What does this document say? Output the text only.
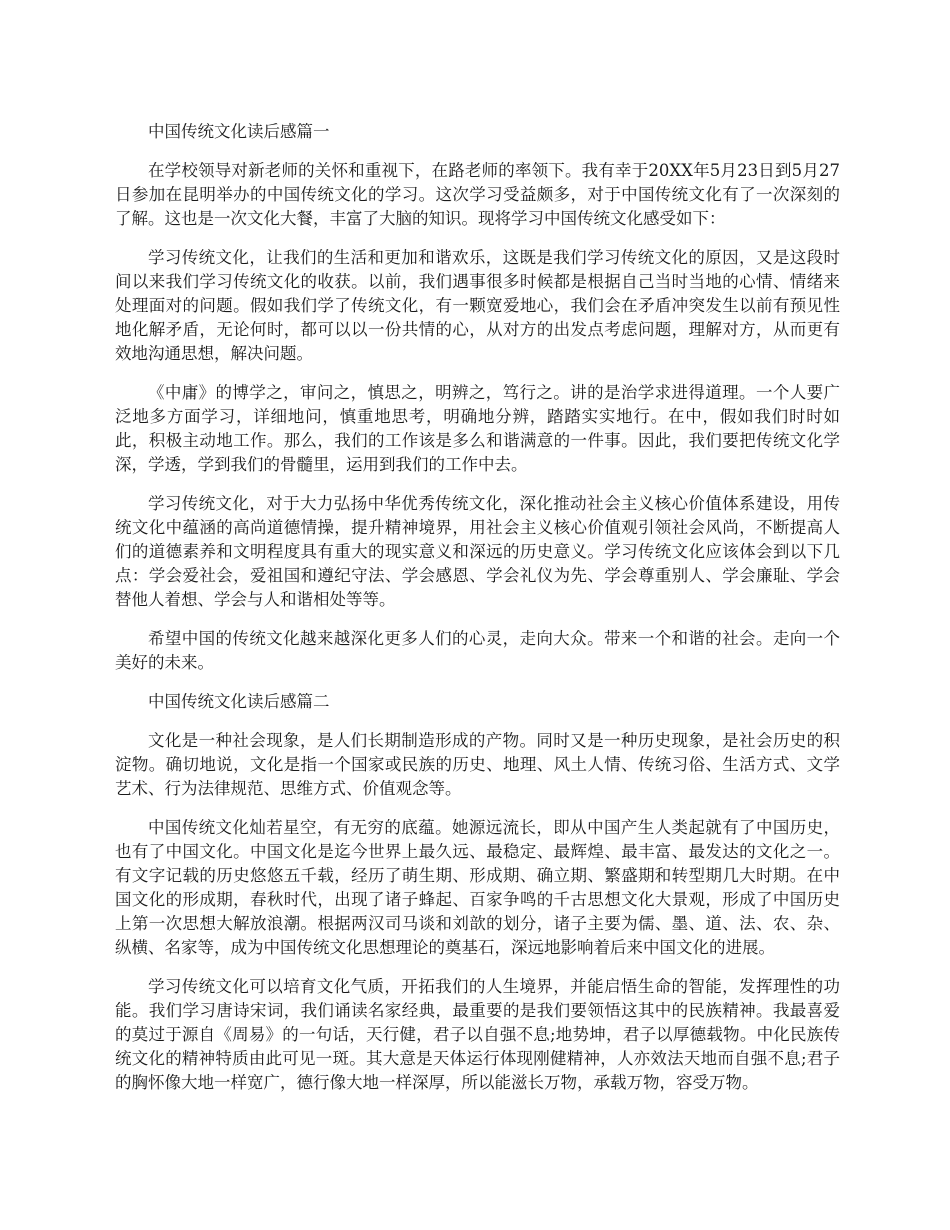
中国传统文化读后感篇一

在学校领导对新老师的关怀和重视下，在路老师的率领下。我有幸于20XX年5月23日到5月27日参加在昆明举办的中国传统文化的学习。这次学习受益颇多，对于中国传统文化有了一次深刻的了解。这也是一次文化大餐，丰富了大脑的知识。现将学习中国传统文化感受如下：

学习传统文化，让我们的生活和更加和谐欢乐，这既是我们学习传统文化的原因，又是这段时间以来我们学习传统文化的收获。以前，我们遇事很多时候都是根据自己当时当地的心情、情绪来处理面对的问题。假如我们学了传统文化，有一颗宽爱地心，我们会在矛盾冲突发生以前有预见性地化解矛盾，无论何时，都可以以一份共情的心，从对方的出发点考虑问题，理解对方，从而更有效地沟通思想，解决问题。

《中庸》的博学之，审问之，慎思之，明辨之，笃行之。讲的是治学求进得道理。一个人要广泛地多方面学习，详细地问，慎重地思考，明确地分辨，踏踏实实地行。在中，假如我们时时如此，积极主动地工作。那么，我们的工作该是多么和谐满意的一件事。因此，我们要把传统文化学深，学透，学到我们的骨髓里，运用到我们的工作中去。

学习传统文化，对于大力弘扬中华优秀传统文化，深化推动社会主义核心价值体系建设，用传统文化中蕴涵的高尚道德情操，提升精神境界，用社会主义核心价值观引领社会风尚，不断提高人们的道德素养和文明程度具有重大的现实意义和深远的历史意义。学习传统文化应该体会到以下几点：学会爱社会，爱祖国和遵纪守法、学会感恩、学会礼仪为先、学会尊重别人、学会廉耻、学会替他人着想、学会与人和谐相处等等。

希望中国的传统文化越来越深化更多人们的心灵，走向大众。带来一个和谐的社会。走向一个美好的未来。

中国传统文化读后感篇二

文化是一种社会现象，是人们长期制造形成的产物。同时又是一种历史现象，是社会历史的积淀物。确切地说，文化是指一个国家或民族的历史、地理、风土人情、传统习俗、生活方式、文学艺术、行为法律规范、思维方式、价值观念等。

中国传统文化灿若星空，有无穷的底蕴。她源远流长，即从中国产生人类起就有了中国历史，也有了中国文化。中国文化是迄今世界上最久远、最稳定、最辉煌、最丰富、最发达的文化之一。有文字记载的历史悠悠五千载，经历了萌生期、形成期、确立期、繁盛期和转型期几大时期。在中国文化的形成期，春秋时代，出现了诸子蜂起、百家争鸣的千古思想文化大景观，形成了中国历史上第一次思想大解放浪潮。根据两汉司马谈和刘歆的划分，诸子主要为儒、墨、道、法、农、杂、纵横、名家等，成为中国传统文化思想理论的奠基石，深远地影响着后来中国文化的进展。

学习传统文化可以培育文化气质，开拓我们的人生境界，并能启悟生命的智能，发挥理性的功能。我们学习唐诗宋词，我们诵读名家经典，最重要的是我们要领悟这其中的民族精神。我最喜爱的莫过于源自《周易》的一句话，天行健，君子以自强不息;地势坤，君子以厚德载物。中化民族传统文化的精神特质由此可见一斑。其大意是天体运行体现刚健精神，人亦效法天地而自强不息;君子的胸怀像大地一样宽广，德行像大地一样深厚，所以能滋长万物，承载万物，容受万物。
